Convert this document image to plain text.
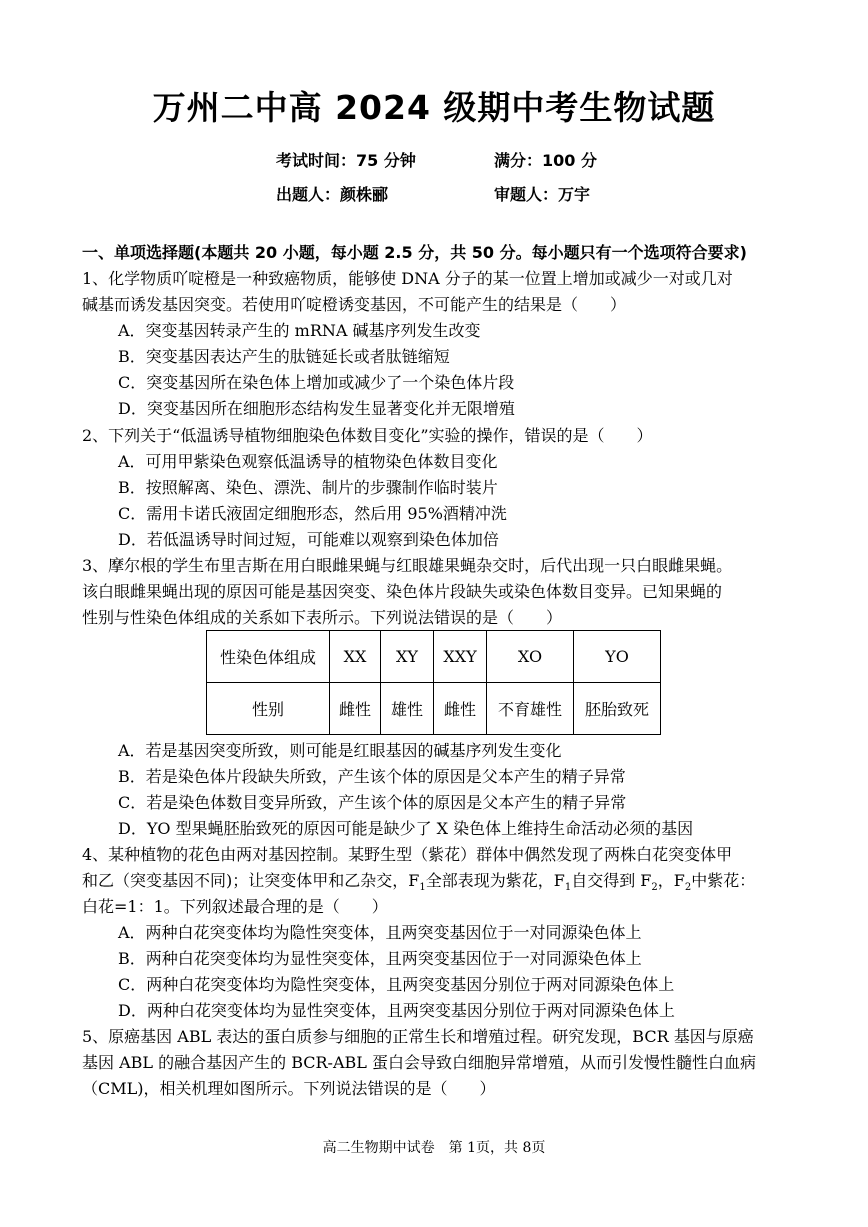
万州二中高 2024 级期中考生物试题
考试时间：75 分钟	满分：100 分
出题人：颜株郦	审题人：万宇
一、单项选择题(本题共 20 小题，每小题 2.5 分，共 50 分。每小题只有一个选项符合要求)
1、化学物质吖啶橙是一种致癌物质，能够使 DNA 分子的某一位置上增加或减少一对或几对
碱基而诱发基因突变。若使用吖啶橙诱变基因，不可能产生的结果是（　　）
A．突变基因转录产生的 mRNA 碱基序列发生改变
B．突变基因表达产生的肽链延长或者肽链缩短
C．突变基因所在染色体上增加或减少了一个染色体片段
D．突变基因所在细胞形态结构发生显著变化并无限增殖
2、下列关于“低温诱导植物细胞染色体数目变化”实验的操作，错误的是（　　）
A．可用甲紫染色观察低温诱导的植物染色体数目变化
B．按照解离、染色、漂洗、制片的步骤制作临时装片
C．需用卡诺氏液固定细胞形态，然后用 95%酒精冲洗
D．若低温诱导时间过短，可能难以观察到染色体加倍
3、摩尔根的学生布里吉斯在用白眼雌果蝇与红眼雄果蝇杂交时，后代出现一只白眼雌果蝇。
该白眼雌果蝇出现的原因可能是基因突变、染色体片段缺失或染色体数目变异。已知果蝇的
性别与性染色体组成的关系如下表所示。下列说法错误的是（　　）
性染色体组成	XX	XY	XXY	XO	YO
性别	雌性	雄性	雌性	不育雄性	胚胎致死
A．若是基因突变所致，则可能是红眼基因的碱基序列发生变化
B．若是染色体片段缺失所致，产生该个体的原因是父本产生的精子异常
C．若是染色体数目变异所致，产生该个体的原因是父本产生的精子异常
D．YO 型果蝇胚胎致死的原因可能是缺少了 X 染色体上维持生命活动必须的基因
4、某种植物的花色由两对基因控制。某野生型（紫花）群体中偶然发现了两株白花突变体甲
和乙（突变基因不同)；让突变体甲和乙杂交，$F_1$全部表现为紫花，$F_1$自交得到 $F_2$，$F_2$中紫花：
白花=1：1。下列叙述最合理的是（　　）
A．两种白花突变体均为隐性突变体，且两突变基因位于一对同源染色体上
B．两种白花突变体均为显性突变体，且两突变基因位于一对同源染色体上
C．两种白花突变体均为隐性突变体，且两突变基因分别位于两对同源染色体上
D．两种白花突变体均为显性突变体，且两突变基因分别位于两对同源染色体上
5、原癌基因 ABL 表达的蛋白质参与细胞的正常生长和增殖过程。研究发现，BCR 基因与原癌
基因 ABL 的融合基因产生的 BCR-ABL 蛋白会导致白细胞异常增殖，从而引发慢性髓性白血病
（CML)，相关机理如图所示。下列说法错误的是（　　）
高二生物期中试卷　第 1页，共 8页
